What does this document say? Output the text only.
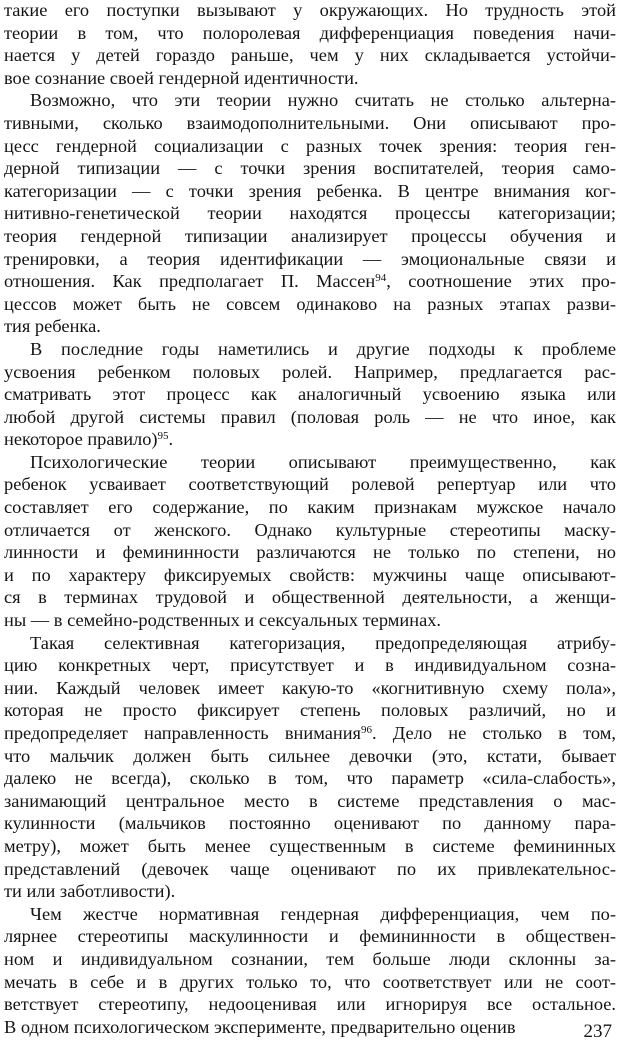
такие его поступки вызывают у окружающих. Но трудность этой
теории в том, что полоролевая дифференциация поведения начи-
нается у детей гораздо раньше, чем у них складывается устойчи-
вое сознание своей гендерной идентичности.

Возможно, что эти теории нужно считать не столько альтерна-
тивными, сколько взаимодополнительными. Они описывают про-
цесс гендерной социализации с разных точек зрения: теория ген-
дерной типизации — с точки зрения воспитателей, теория само-
категоризации — с точки зрения ребенка. В центре внимания ког-
нитивно-генетической теории находятся процессы категоризации;
теория гендерной типизации анализирует процессы обучения и
тренировки, а теория идентификации — эмоциональные связи и
отношения. Как предполагает П. Массен$^{94}$, соотношение этих про-
цессов может быть не совсем одинаково на разных этапах разви-
тия ребенка.

В последние годы наметились и другие подходы к проблеме
усвоения ребенком половых ролей. Например, предлагается рас-
сматривать этот процесс как аналогичный усвоению языка или
любой другой системы правил (половая роль — не что иное, как
некоторое правило)$^{95}$.

Психологические теории описывают преимущественно, как
ребенок усваивает соответствующий ролевой репертуар или что
составляет его содержание, по каким признакам мужское начало
отличается от женского. Однако культурные стереотипы маску-
линности и фемининности различаются не только по степени, но
и по характеру фиксируемых свойств: мужчины чаще описывают-
ся в терминах трудовой и общественной деятельности, а женщи-
ны — в семейно-родственных и сексуальных терминах.

Такая селективная категоризация, предопределяющая атрибу-
цию конкретных черт, присутствует и в индивидуальном созна-
нии. Каждый человек имеет какую-то «когнитивную схему пола»,
которая не просто фиксирует степень половых различий, но и
предопределяет направленность внимания$^{96}$. Дело не столько в том,
что мальчик должен быть сильнее девочки (это, кстати, бывает
далеко не всегда), сколько в том, что параметр «сила-слабость»,
занимающий центральное место в системе представления о мас-
кулинности (мальчиков постоянно оценивают по данному пара-
метру), может быть менее существенным в системе фемининных
представлений (девочек чаще оценивают по их привлекательнос-
ти или заботливости).

Чем жестче нормативная гендерная дифференциация, чем по-
лярнее стереотипы маскулинности и фемининности в обществен-
ном и индивидуальном сознании, тем больше люди склонны за-
мечать в себе и в других только то, что соответствует или не соот-
ветствует стереотипу, недооценивая или игнорируя все остальное.
В одном психологическом эксперименте, предварительно оценив	237
